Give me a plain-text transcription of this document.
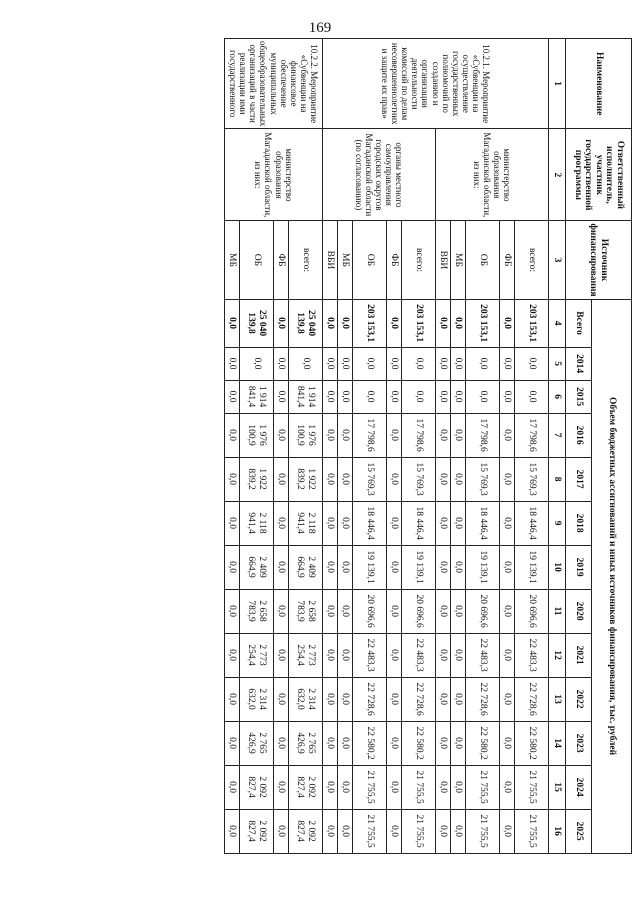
169
Наименование	Ответственный исполнитель, участник государственной программы	Источник финансирования	Объем бюджетных ассигнований и иных источников финансирования, тыс. рублей												
			Всего	2014	2015	2016	2017	2018	2019	2020	2021	2022	2023	2024	2025
1	2	3	4	5	6	7	8	9	10	11	12	13	14	15	16
10.2.1. Мероприятие «Субвенции на осуществление государственных полномочий по созданию и организации деятельности комиссий по делам несовершеннолетних и защите их прав»	министерство образования Магаданской области, из них:	всего:	203 153,1	0,0	0,0	17 798,6	15 769,3	18 446,4	19 139,1	20 696,6	22 483,3	22 728,6	22 580,2	21 755,5	21 755,5
		ФБ	0,0	0,0	0,0	0,0	0,0	0,0	0,0	0,0	0,0	0,0	0,0	0,0	0,0
		ОБ	203 153,1	0,0	0,0	17 798,6	15 769,3	18 446,4	19 139,1	20 696,6	22 483,3	22 728,6	22 580,2	21 755,5	21 755,5
		МБ	0,0	0,0	0,0	0,0	0,0	0,0	0,0	0,0	0,0	0,0	0,0	0,0	0,0
		ВБИ	0,0	0,0	0,0	0,0	0,0	0,0	0,0	0,0	0,0	0,0	0,0	0,0	0,0
	органы местного самоуправления городских округов Магаданской области (по согласованию)	всего:	203 153,1	0,0	0,0	17 798,6	15 769,3	18 446,4	19 139,1	20 696,6	22 483,3	22 728,6	22 580,2	21 755,5	21 755,5
		ФБ	0,0	0,0	0,0	0,0	0,0	0,0	0,0	0,0	0,0	0,0	0,0	0,0	0,0
		ОБ	203 153,1	0,0	0,0	17 798,6	15 769,3	18 446,4	19 139,1	20 696,6	22 483,3	22 728,6	22 580,2	21 755,5	21 755,5
		МБ	0,0	0,0	0,0	0,0	0,0	0,0	0,0	0,0	0,0	0,0	0,0	0,0	0,0
		ВБИ	0,0	0,0	0,0	0,0	0,0	0,0	0,0	0,0	0,0	0,0	0,0	0,0	0,0
10.2.2. Мероприятие «Субвенции на финансовое обеспечение муниципальных общеобразовательных организаций в части реализации ими государственного	министерство образования Магаданской области, из них:	всего:	25 040 139,8	0,0	1 914 841,4	1 976 100,9	1 922 839,2	2 118 941,4	2 409 664,9	2 658 783,9	2 773 254,4	2 314 632,0	2 765 426,9	2 092 827,4	2 092 827,4
		ФБ	0,0	0,0	0,0	0,0	0,0	0,0	0,0	0,0	0,0	0,0	0,0	0,0	0,0
		ОБ	25 040 139,8	0,0	1 914 841,4	1 976 100,9	1 922 839,2	2 118 941,4	2 409 664,9	2 658 783,9	2 773 254,4	2 314 632,0	2 765 426,9	2 092 827,4	2 092 827,4
		МБ	0,0	0,0	0,0	0,0	0,0	0,0	0,0	0,0	0,0	0,0	0,0	0,0	0,0
